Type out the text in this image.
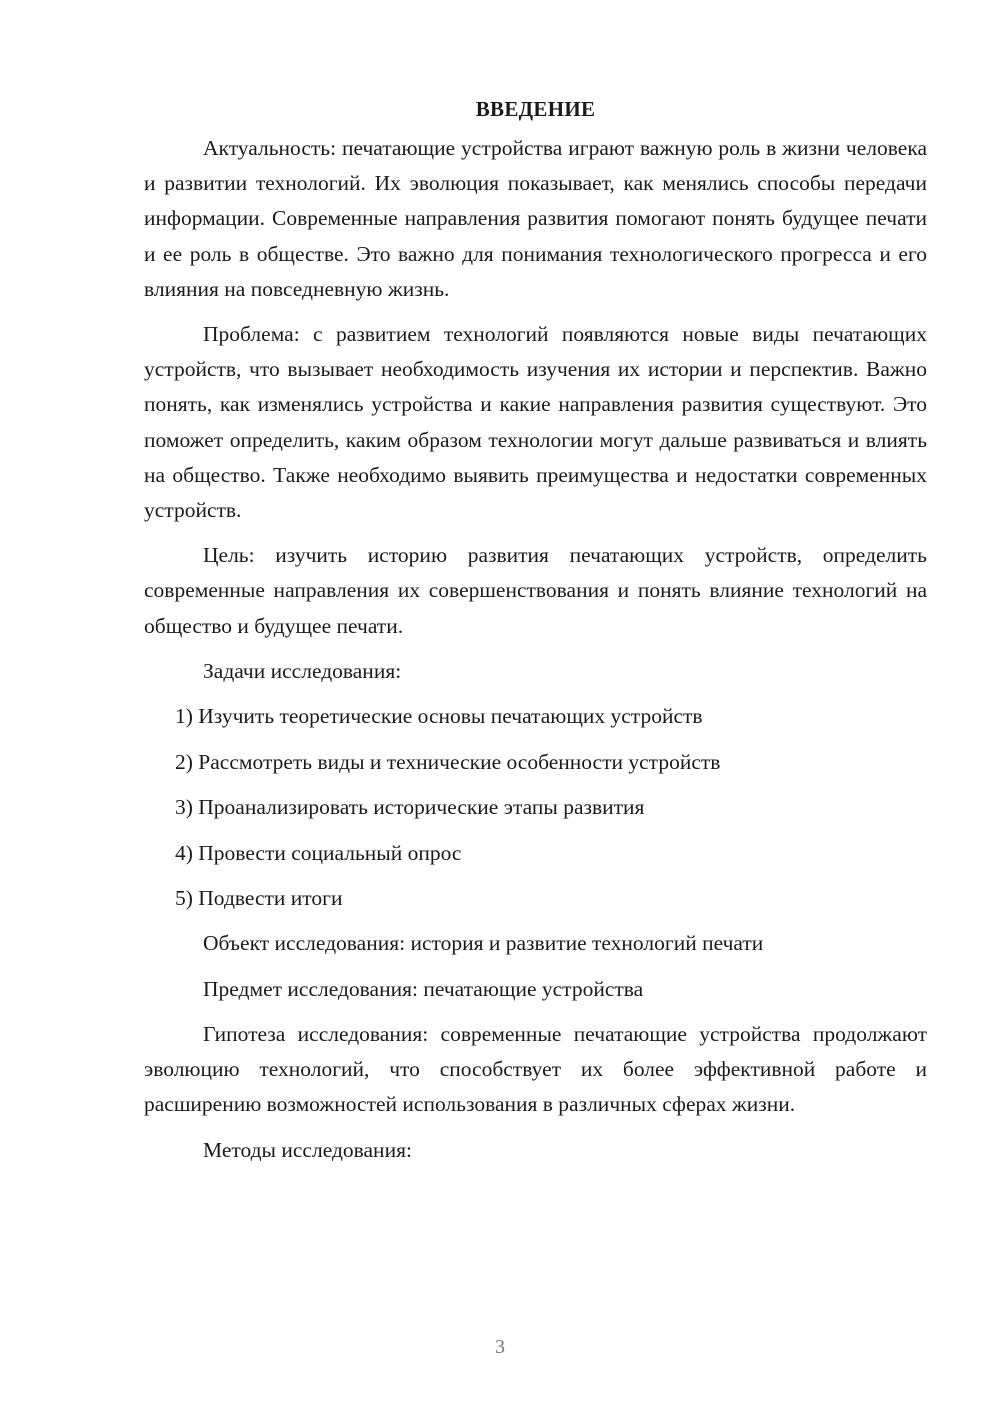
ВВЕДЕНИЕ

Актуальность: печатающие устройства играют важную роль в жизни человека и развитии технологий. Их эволюция показывает, как менялись способы передачи информации. Современные направления развития помогают понять будущее печати и ее роль в обществе. Это важно для понимания технологического прогресса и его влияния на повседневную жизнь.

Проблема: с развитием технологий появляются новые виды печатающих устройств, что вызывает необходимость изучения их истории и перспектив. Важно понять, как изменялись устройства и какие направления развития существуют. Это поможет определить, каким образом технологии могут дальше развиваться и влиять на общество. Также необходимо выявить преимущества и недостатки современных устройств.

Цель: изучить историю развития печатающих устройств, определить современные направления их совершенствования и понять влияние технологий на общество и будущее печати.

Задачи исследования:

1) Изучить теоретические основы печатающих устройств
2) Рассмотреть виды и технические особенности устройств
3) Проанализировать исторические этапы развития
4) Провести социальный опрос
5) Подвести итоги

Объект исследования: история и развитие технологий печати

Предмет исследования: печатающие устройства

Гипотеза исследования: современные печатающие устройства продолжают эволюцию технологий, что способствует их более эффективной работе и расширению возможностей использования в различных сферах жизни.

Методы исследования:

3
